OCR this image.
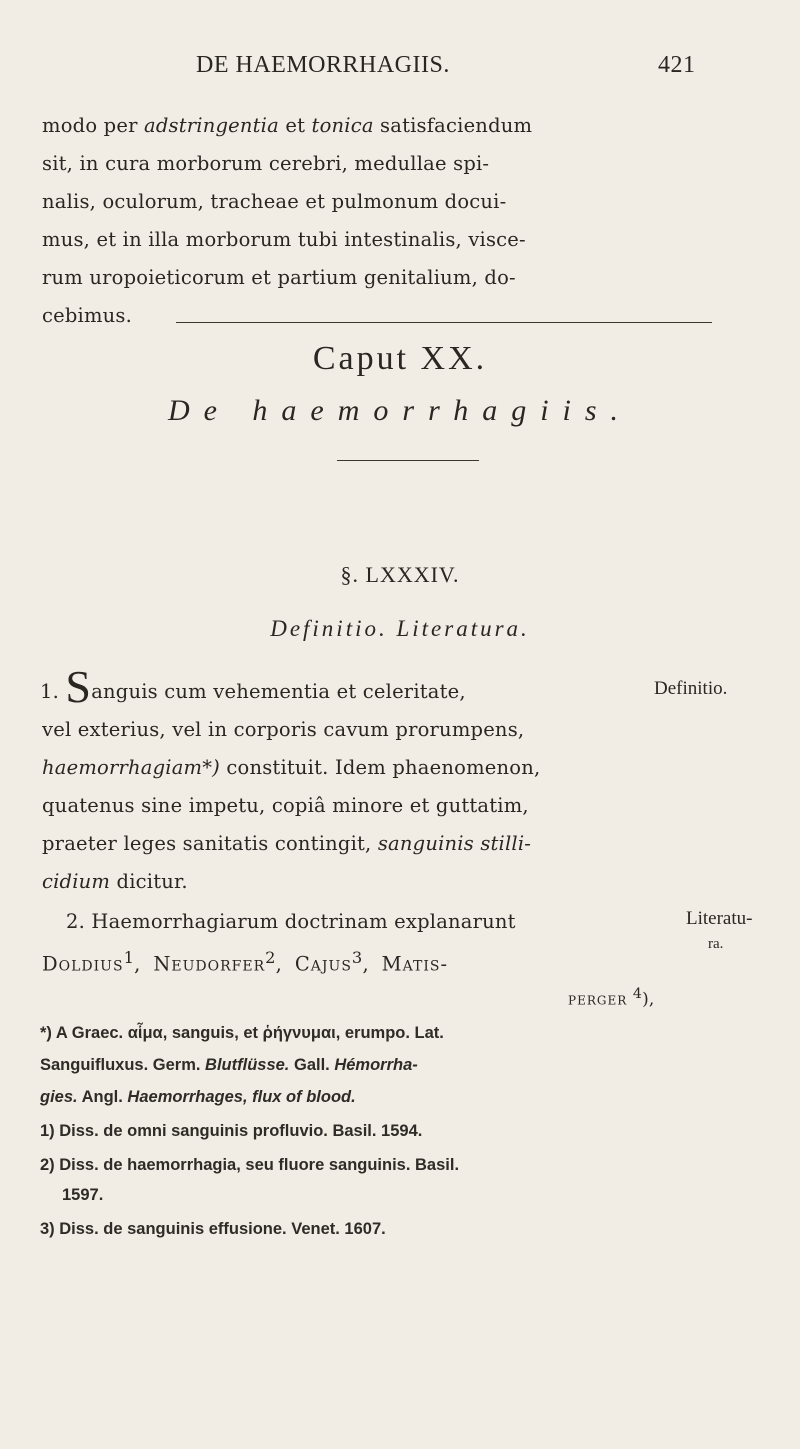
DE HAEMORRHAGIIS.	421
modo per adstringentia et tonica satisfaciendum
sit, in cura morborum cerebri, medullae spi-
nalis, oculorum, tracheae et pulmonum docui-
mus, et in illa morborum tubi intestinalis, visce-
rum uropoieticorum et partium genitalium, do-
cebimus.
Caput XX.
De haemorrhagiis.
§. LXXXIV.
Definitio. Literatura.
1. Sanguis cum vehementia et celeritate,
vel exterius, vel in corporis cavum prorumpens,
haemorrhagiam*) constituit. Idem phaenomenon,
quatenus sine impetu, copiâ minore et guttatim,
praeter leges sanitatis contingit, sanguinis stilli-
cidium dicitur.
2. Haemorrhagiarum doctrinam explanarunt
Doldius$^1$,  Neudorfer$^2$,  Cajus$^3$,  Matis-
perger $^4$),
Definitio.
Literatu-
ra.
*) A Graec. αἷμα, sanguis, et ῥήγνυμαι, erumpo. Lat.
Sanguifluxus. Germ. Blutflüsse. Gall. Hémorrha-
gies. Angl. Haemorrhages, flux of blood.
1) Diss. de omni sanguinis profluvio. Basil. 1594.
2) Diss. de haemorrhagia, seu fluore sanguinis. Basil.
1597.
3) Diss. de sanguinis effusione. Venet. 1607.
